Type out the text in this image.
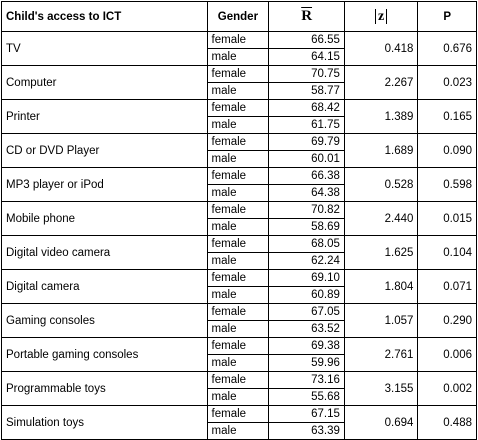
Child's access to ICT	Gender	$\overline{R}$	z	P
TV	female	66.55	0.418	0.676
	male	64.15		
Computer	female	70.75	2.267	0.023
	male	58.77		
Printer	female	68.42	1.389	0.165
	male	61.75		
CD or DVD Player	female	69.79	1.689	0.090
	male	60.01		
MP3 player or iPod	female	66.38	0.528	0.598
	male	64.38		
Mobile phone	female	70.82	2.440	0.015
	male	58.69		
Digital video camera	female	68.05	1.625	0.104
	male	62.24		
Digital camera	female	69.10	1.804	0.071
	male	60.89		
Gaming consoles	female	67.05	1.057	0.290
	male	63.52		
Portable gaming consoles	female	69.38	2.761	0.006
	male	59.96		
Programmable toys	female	73.16	3.155	0.002
	male	55.68		
Simulation toys	female	67.15	0.694	0.488
	male	63.39		
